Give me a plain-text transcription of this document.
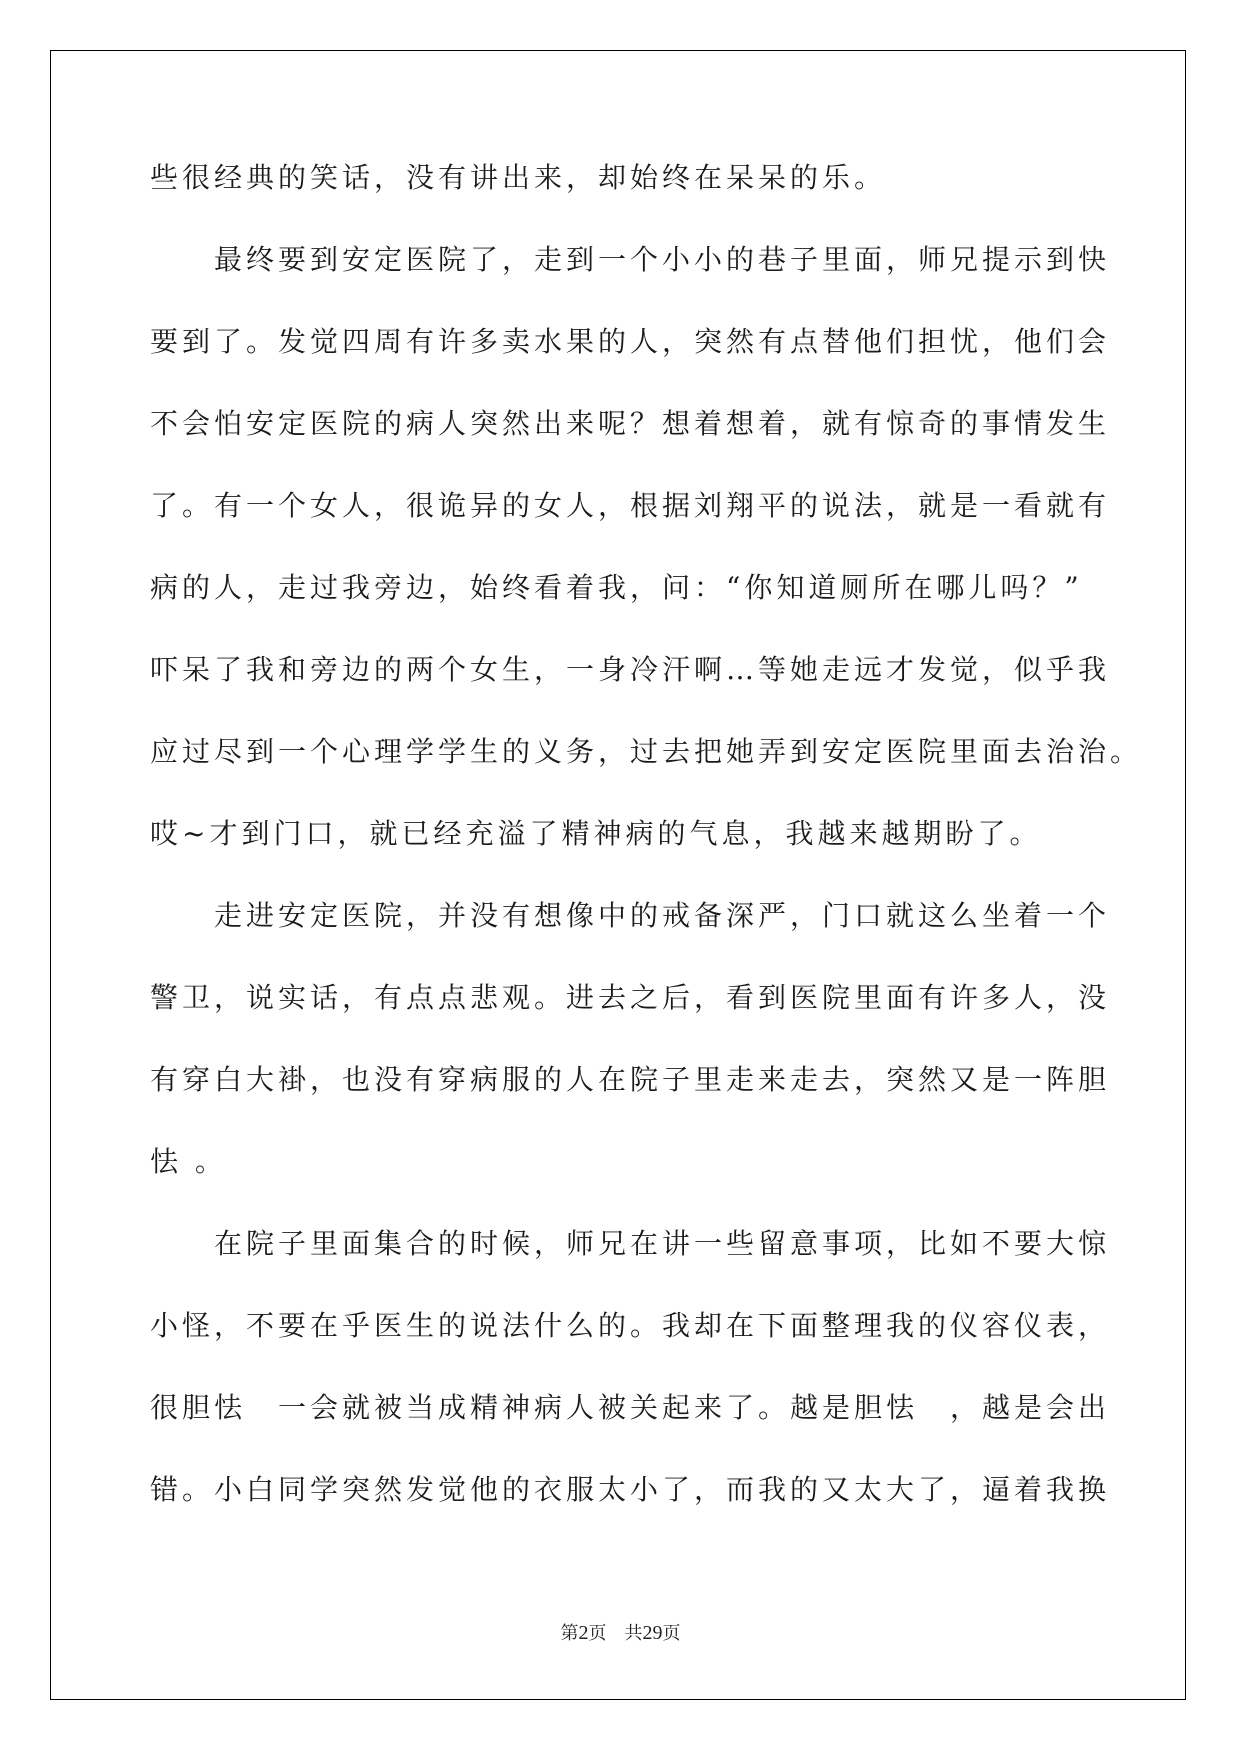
些很经典的笑话，没有讲出来，却始终在呆呆的乐。
　　最终要到安定医院了，走到一个小小的巷子里面，师兄提示到快
要到了。发觉四周有许多卖水果的人，突然有点替他们担忧，他们会
不会怕安定医院的病人突然出来呢？想着想着，就有惊奇的事情发生
了。有一个女人，很诡异的女人，根据刘翔平的说法，就是一看就有
病的人，走过我旁边，始终看着我，问：“你知道厕所在哪儿吗？”
吓呆了我和旁边的两个女生，一身冷汗啊…等她走远才发觉，似乎我
应过尽到一个心理学学生的义务，过去把她弄到安定医院里面去治治。
哎~才到门口，就已经充溢了精神病的气息，我越来越期盼了。
　　走进安定医院，并没有想像中的戒备深严，门口就这么坐着一个
警卫，说实话，有点点悲观。进去之后，看到医院里面有许多人，没
有穿白大褂，也没有穿病服的人在院子里走来走去，突然又是一阵胆
怯 。
　　在院子里面集合的时候，师兄在讲一些留意事项，比如不要大惊
小怪，不要在乎医生的说法什么的。我却在下面整理我的仪容仪表，
很胆怯　一会就被当成精神病人被关起来了。越是胆怯　，越是会出
错。小白同学突然发觉他的衣服太小了，而我的又太大了，逼着我换
第2页 共29页
